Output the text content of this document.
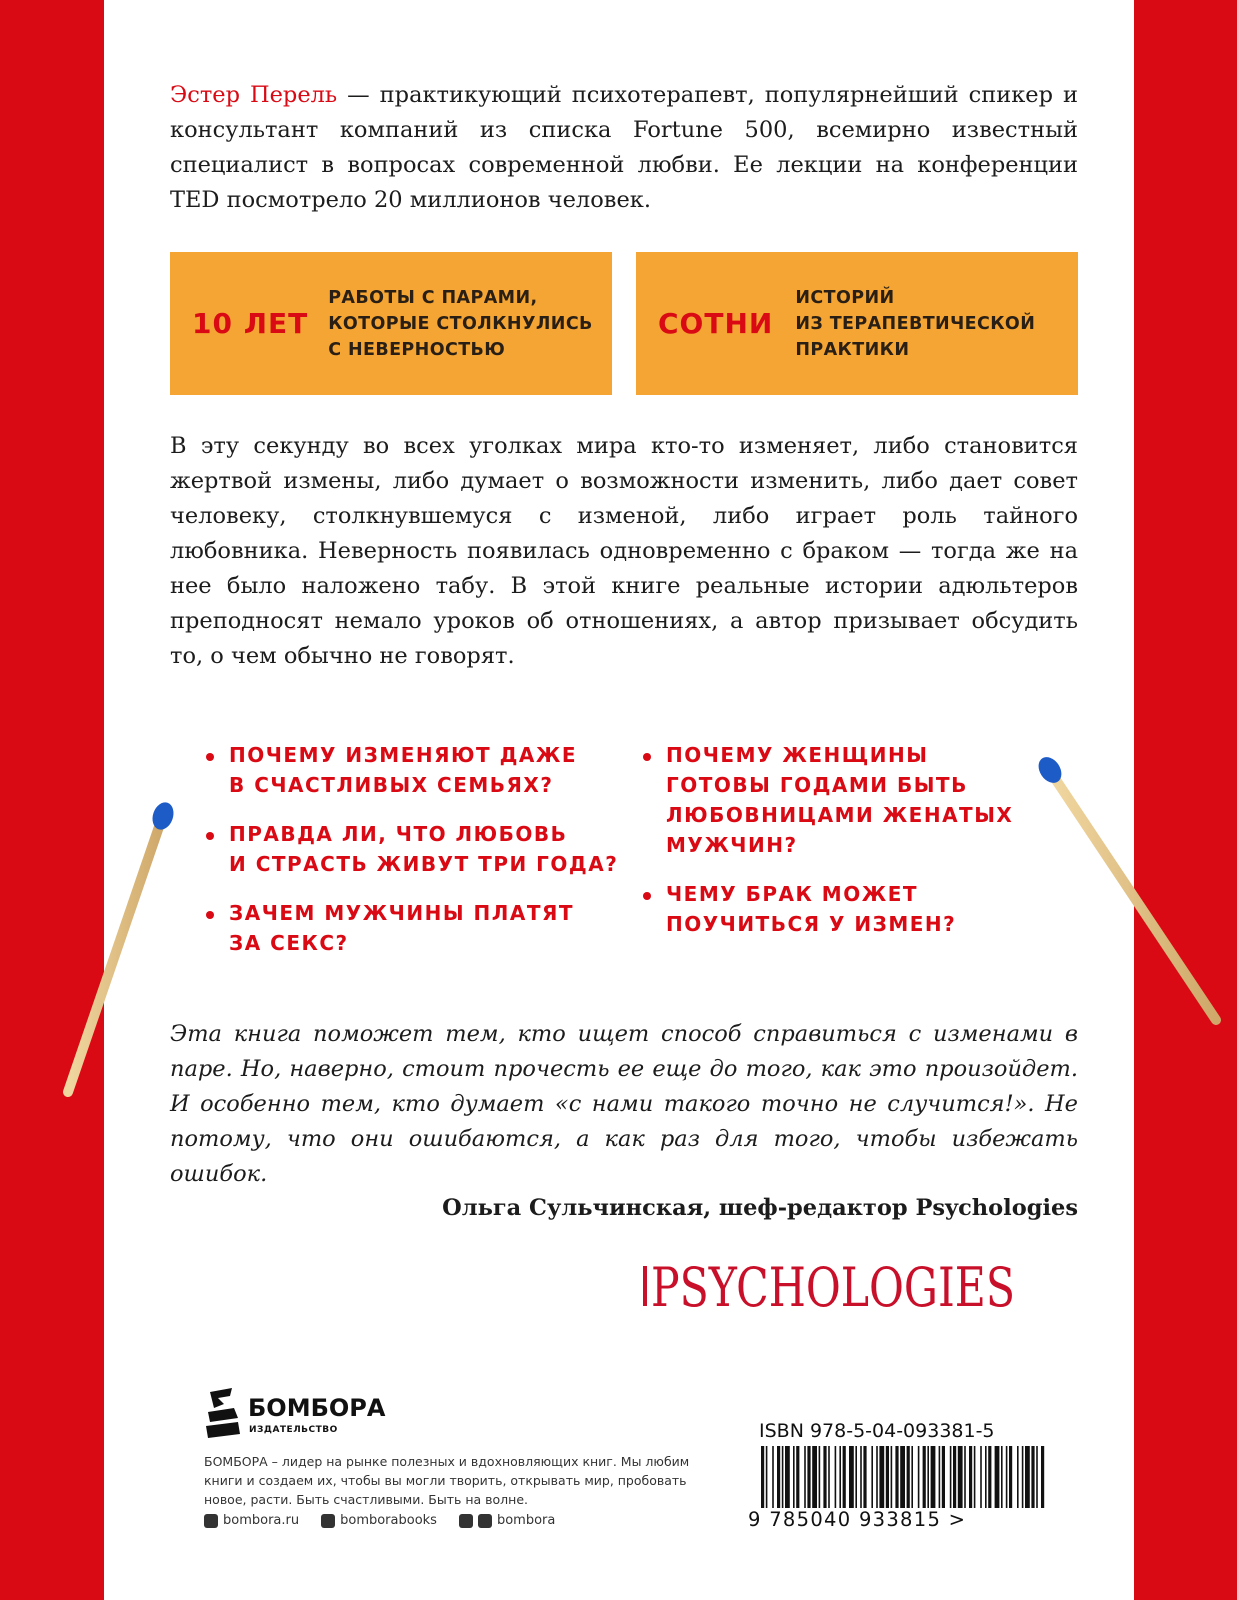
Эстер Перель — практикующий психотерапевт, популярнейший спикер и консультант компаний из списка Fortune 500, всемирно известный специалист в вопросах современной любви. Ее лекции на конференции TED посмотрело 20 миллионов человек.
10 ЛЕТ
РАБОТЫ С ПАРАМИ,
КОТОРЫЕ СТОЛКНУЛИСЬ
С НЕВЕРНОСТЬЮ
СОТНИ
ИСТОРИЙ
ИЗ ТЕРАПЕВТИЧЕСКОЙ
ПРАКТИКИ
В эту секунду во всех уголках мира кто-то изменяет, либо становится жертвой измены, либо думает о возможности изменить, либо дает совет человеку, столкнувшемуся с изменой, либо играет роль тайного любовника. Неверность появилась одновременно с браком — тогда же на нее было наложено табу. В этой книге реальные истории адюльтеров преподносят немало уроков об отношениях, а автор призывает обсудить то, о чем обычно не говорят.
ПОЧЕМУ ИЗМЕНЯЮТ ДАЖЕ
В СЧАСТЛИВЫХ СЕМЬЯХ?
ПРАВДА ЛИ, ЧТО ЛЮБОВЬ
И СТРАСТЬ ЖИВУТ ТРИ ГОДА?
ЗАЧЕМ МУЖЧИНЫ ПЛАТЯТ
ЗА СЕКС?
ПОЧЕМУ ЖЕНЩИНЫ
ГОТОВЫ ГОДАМИ БЫТЬ
ЛЮБОВНИЦАМИ ЖЕНАТЫХ
МУЖЧИН?
ЧЕМУ БРАК МОЖЕТ
ПОУЧИТЬСЯ У ИЗМЕН?
Эта книга поможет тем, кто ищет способ справиться с изменами в паре. Но, наверно, стоит прочесть ее еще до того, как это произойдет. И особенно тем, кто думает «с нами такого точно не случится!». Не потому, что они ошибаются, а как раз для того, чтобы избежать ошибок.
Ольга Сульчинская, шеф-редактор Psychologies
PSYCHOLOGIES
БОМБОРА
ИЗДАТЕЛЬСТВО
БОМБОРА – лидер на рынке полезных и вдохновляющих книг. Мы любим книги и создаем их, чтобы вы могли творить, открывать мир, пробовать новое, расти. Быть счастливыми. Быть на волне.
bombora.ru	bomborabooks	bombora
ISBN 978-5-04-093381-5
9 785040 933815 >
